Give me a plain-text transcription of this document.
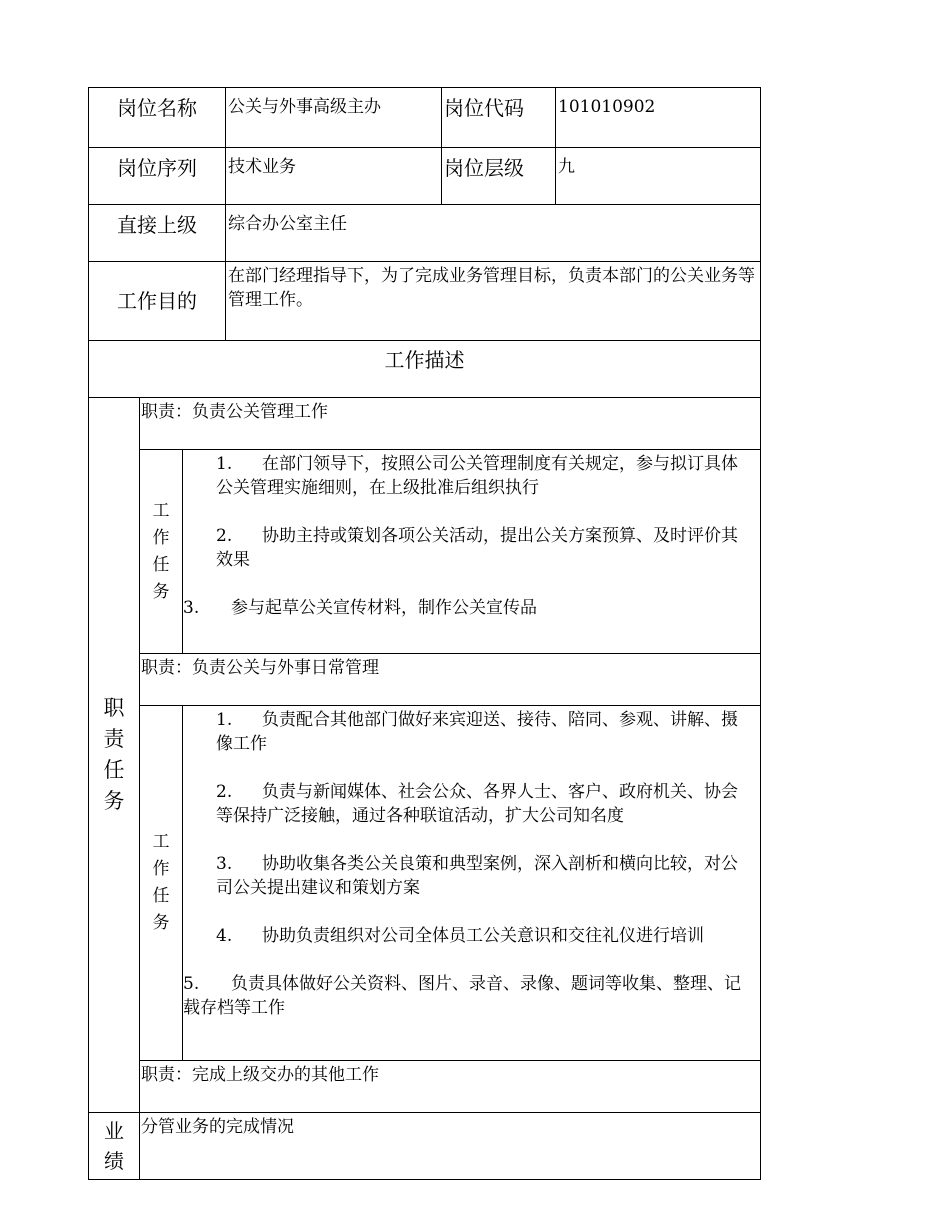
岗位名称			公关与外事高级主办	岗位代码	101010902
岗位序列			技术业务	岗位层级	九
直接上级			综合办公室主任		
工作目的			在部门经理指导下，为了完成业务管理目标，负责本部门的公关业务等管理工作。		
工作描述					
职责任务	职责：负责公关管理工作				
	工作任务	1. 在部门领导下，按照公司公关管理制度有关规定，参与拟订具体公关管理实施细则，在上级批准后组织执行
2. 协助主持或策划各项公关活动，提出公关方案预算、及时评价其效果
3. 参与起草公关宣传材料，制作公关宣传品			

	职责：负责公关与外事日常管理				
	工作任务	1. 负责配合其他部门做好来宾迎送、接待、陪同、参观、讲解、摄像工作
2. 负责与新闻媒体、社会公众、各界人士、客户、政府机关、协会等保持广泛接触，通过各种联谊活动，扩大公司知名度
3. 协助收集各类公关良策和典型案例，深入剖析和横向比较，对公司公关提出建议和策划方案
4. 协助负责组织对公司全体员工公关意识和交往礼仪进行培训
5. 负责具体做好公关资料、图片、录音、录像、题词等收集、整理、记载存档等工作			

	职责：完成上级交办的其他工作				
业绩	分管业务的完成情况				
